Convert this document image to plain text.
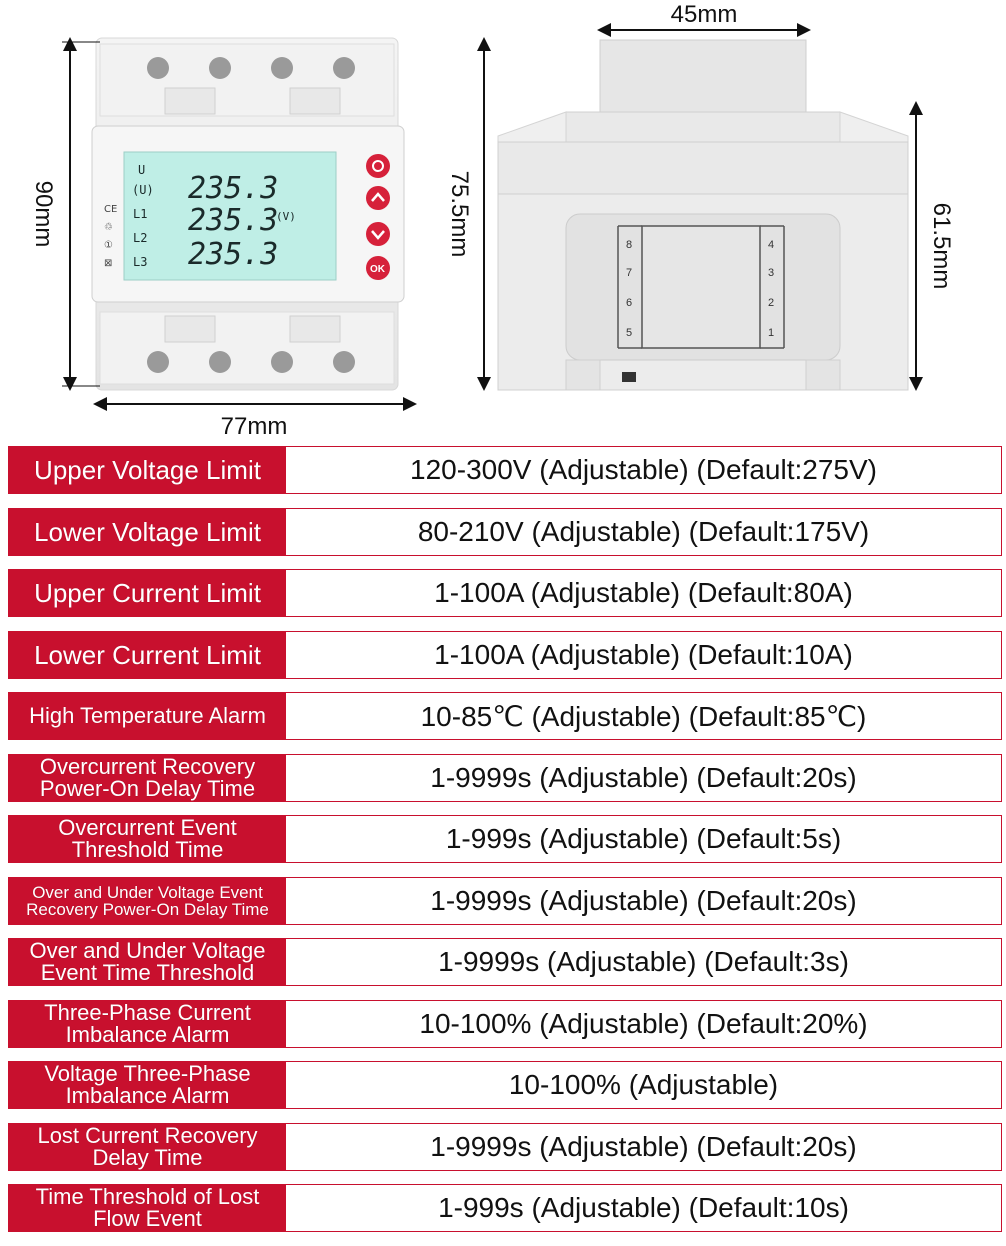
U
(U)
L1
L2
L3
235.3
235.3
235.3
(V)
CE
♲
①
⊠
OK
90mm
77mm
8
7
6
5
4
3
2
1
45mm
75.5mm	61.5mm
Upper Voltage Limit	120-300V (Adjustable) (Default:275V)
Lower Voltage Limit	80-210V (Adjustable) (Default:175V)
Upper Current Limit	1-100A (Adjustable) (Default:80A)
Lower Current Limit	1-100A (Adjustable) (Default:10A)
High Temperature Alarm	10-85℃ (Adjustable) (Default:85℃)
Overcurrent Recovery Power-On Delay Time	1-9999s (Adjustable) (Default:20s)
Overcurrent Event Threshold Time	1-999s (Adjustable) (Default:5s)
Over and Under Voltage Event Recovery Power-On Delay Time	1-9999s (Adjustable) (Default:20s)
Over and Under Voltage Event Time Threshold	1-9999s (Adjustable) (Default:3s)
Three-Phase Current Imbalance Alarm	10-100% (Adjustable) (Default:20%)
Voltage Three-Phase Imbalance Alarm	10-100% (Adjustable)
Lost Current Recovery Delay Time	1-9999s (Adjustable) (Default:20s)
Time Threshold of Lost Flow Event	1-999s (Adjustable) (Default:10s)
